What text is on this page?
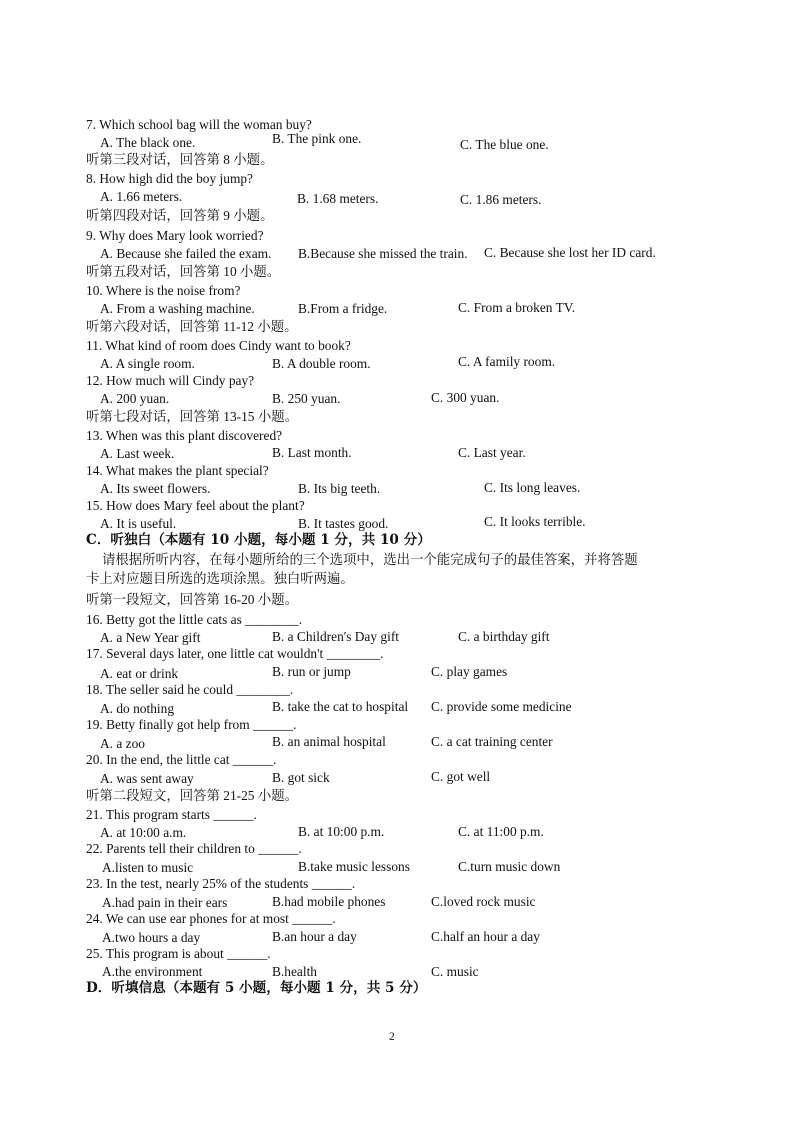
7. Which school bag will the woman buy?
听第三段对话，回答第 8 小题。
8. How high did the boy jump?
听第四段对话，回答第 9 小题。
9. Why does Mary look worried?
听第五段对话，回答第 10 小题。
10. Where is the noise from?
听第六段对话，回答第 11-12 小题。
11. What kind of room does Cindy want to book?
12. How much will Cindy pay?
听第七段对话，回答第 13-15 小题。
13. When was this plant discovered?
14. What makes the plant special?
15. How does Mary feel about the plant?
C．听独白（本题有 10 小题，每小题 1 分，共 10 分）
请根据所听内容，在每小题所给的三个选项中，选出一个能完成句子的最佳答案，并将答题
卡上对应题目所选的选项涂黑。独白听两遍。
听第一段短文，回答第 16-20 小题。
16. Betty got the little cats as ________.
17. Several days later, one little cat wouldn't ________.
18. The seller said he could ________.
19. Betty finally got help from ______.
20. In the end, the little cat ______.
听第二段短文，回答第 21-25 小题。
21. This program starts ______.
22. Parents tell their children to ______.
23. In the test, nearly 25% of the students ______.
24. We can use ear phones for at most ______.
25. This program is about ______.
D．听填信息（本题有 5 小题，每小题 1 分，共 5 分）
A. The black one.	B. The pink one.	C. The blue one.
A. 1.66 meters.	B. 1.68 meters.	C. 1.86 meters.
A. Because she failed the exam. B.Because she missed the train. C. Because she lost her ID card.
A. From a washing machine.	B.From a fridge.	C. From a broken TV.
A. A single room.	B. A double room.	C. A family room.
A. 200 yuan.	B. 250 yuan.	C. 300 yuan.
A. Last week.	B. Last month.	C. Last year.
A. Its sweet flowers.	B. Its big teeth.	C. Its long leaves.
A. It is useful.	B. It tastes good.	C. It looks terrible.
A. a New Year gift	B. a Children's Day gift	C. a birthday gift
A. eat or drink	B. run or jump	C. play games
A. do nothing	B. take the cat to hospital C. provide some medicine
A. a zoo	B. an animal hospital	C. a cat training center
A. was sent away	B. got sick	C. got well
A. at 10:00 a.m.	B. at 10:00 p.m.	C. at 11:00 p.m.
A.listen to music	B.take music lessons	C.turn music down
A.had pain in their ears	B.had mobile phones	C.loved rock music
A.two hours a day	B.an hour a day	C.half an hour a day
A.the environment	B.health	C. music
2
